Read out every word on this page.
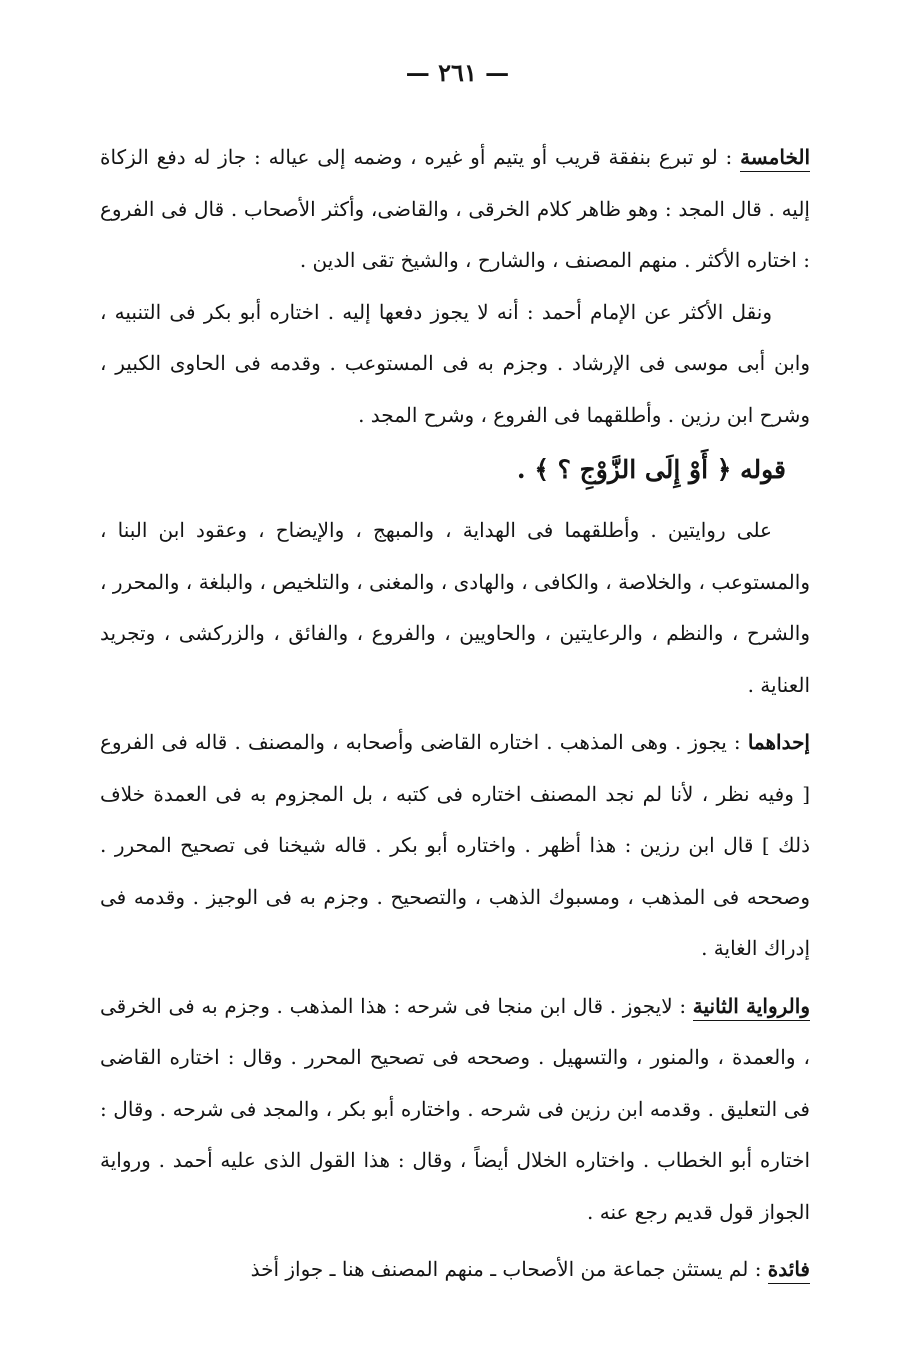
— ٢٦١ —

الخامسة : لو تبرع بنفقة قريب أو يتيم أو غيره ، وضمه إلى عياله : جاز له دفع الزكاة إليه . قال المجد : وهو ظاهر كلام الخرقى ، والقاضى، وأكثر الأصحاب . قال فى الفروع : اختاره الأكثر . منهم المصنف ، والشارح ، والشيخ تقى الدين .

ونقل الأكثر عن الإمام أحمد : أنه لا يجوز دفعها إليه . اختاره أبو بكر فى التنبيه ، وابن أبى موسى فى الإرشاد . وجزم به فى المستوعب . وقدمه فى الحاوى الكبير ، وشرح ابن رزين . وأطلقهما فى الفروع ، وشرح المجد .

قوله ﴿ أَوْ إِلَى الزَّوْجِ ؟ ﴾ .

على روايتين . وأطلقهما فى الهداية ، والمبهج ، والإيضاح ، وعقود ابن البنا ، والمستوعب ، والخلاصة ، والكافى ، والهادى ، والمغنى ، والتلخيص ، والبلغة ، والمحرر ، والشرح ، والنظم ، والرعايتين ، والحاويين ، والفروع ، والفائق ، والزركشى ، وتجريد العناية .

إحداهما : يجوز . وهى المذهب . اختاره القاضى وأصحابه ، والمصنف . قاله فى الفروع [ وفيه نظر ، لأنا لم نجد المصنف اختاره فى كتبه ، بل المجزوم به فى العمدة خلاف ذلك ] قال ابن رزين : هذا أظهر . واختاره أبو بكر . قاله شيخنا فى تصحيح المحرر . وصححه فى المذهب ، ومسبوك الذهب ، والتصحيح . وجزم به فى الوجيز . وقدمه فى إدراك الغاية .

والرواية الثانية : لايجوز . قال ابن منجا فى شرحه : هذا المذهب . وجزم به فى الخرقى ، والعمدة ، والمنور ، والتسهيل . وصححه فى تصحيح المحرر . وقال : اختاره القاضى فى التعليق . وقدمه ابن رزين فى شرحه . واختاره أبو بكر ، والمجد فى شرحه . وقال : اختاره أبو الخطاب . واختاره الخلال أيضاً ، وقال : هذا القول الذى عليه أحمد . ورواية الجواز قول قديم رجع عنه .

فائدة : لم يستثن جماعة من الأصحاب ـ منهم المصنف هنا ـ جواز أخذ
